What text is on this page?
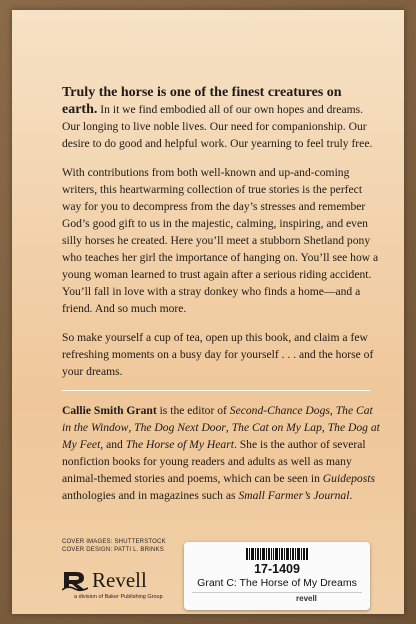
Truly the horse is one of the finest creatures on earth. In it we find embodied all of our own hopes and dreams. Our longing to live noble lives. Our need for companionship. Our desire to do good and helpful work. Our yearning to feel truly free.

With contributions from both well-known and up-and-coming writers, this heartwarming collection of true stories is the perfect way for you to decompress from the day’s stresses and remember God’s good gift to us in the majestic, calming, inspiring, and even silly horses he created. Here you’ll meet a stubborn Shetland pony who teaches her girl the importance of hanging on. You’ll see how a young woman learned to trust again after a serious riding accident. You’ll fall in love with a stray donkey who finds a home—and a friend. And so much more.

So make yourself a cup of tea, open up this book, and claim a few refreshing moments on a busy day for yourself . . . and the horse of your dreams.

Callie Smith Grant is the editor of Second-Chance Dogs, The Cat in the Window, The Dog Next Door, The Cat on My Lap, The Dog at My Feet, and The Horse of My Heart. She is the author of several nonfiction books for young readers and adults as well as many animal-themed stories and poems, which can be seen in Guideposts anthologies and in magazines such as Small Farmer’s Journal.
COVER IMAGES: SHUTTERSTOCK
COVER DESIGN: PATTI L. BRINKS
Revell
a division of Baker Publishing Group
17-1409
Grant C: The Horse of My Dreams
revell
